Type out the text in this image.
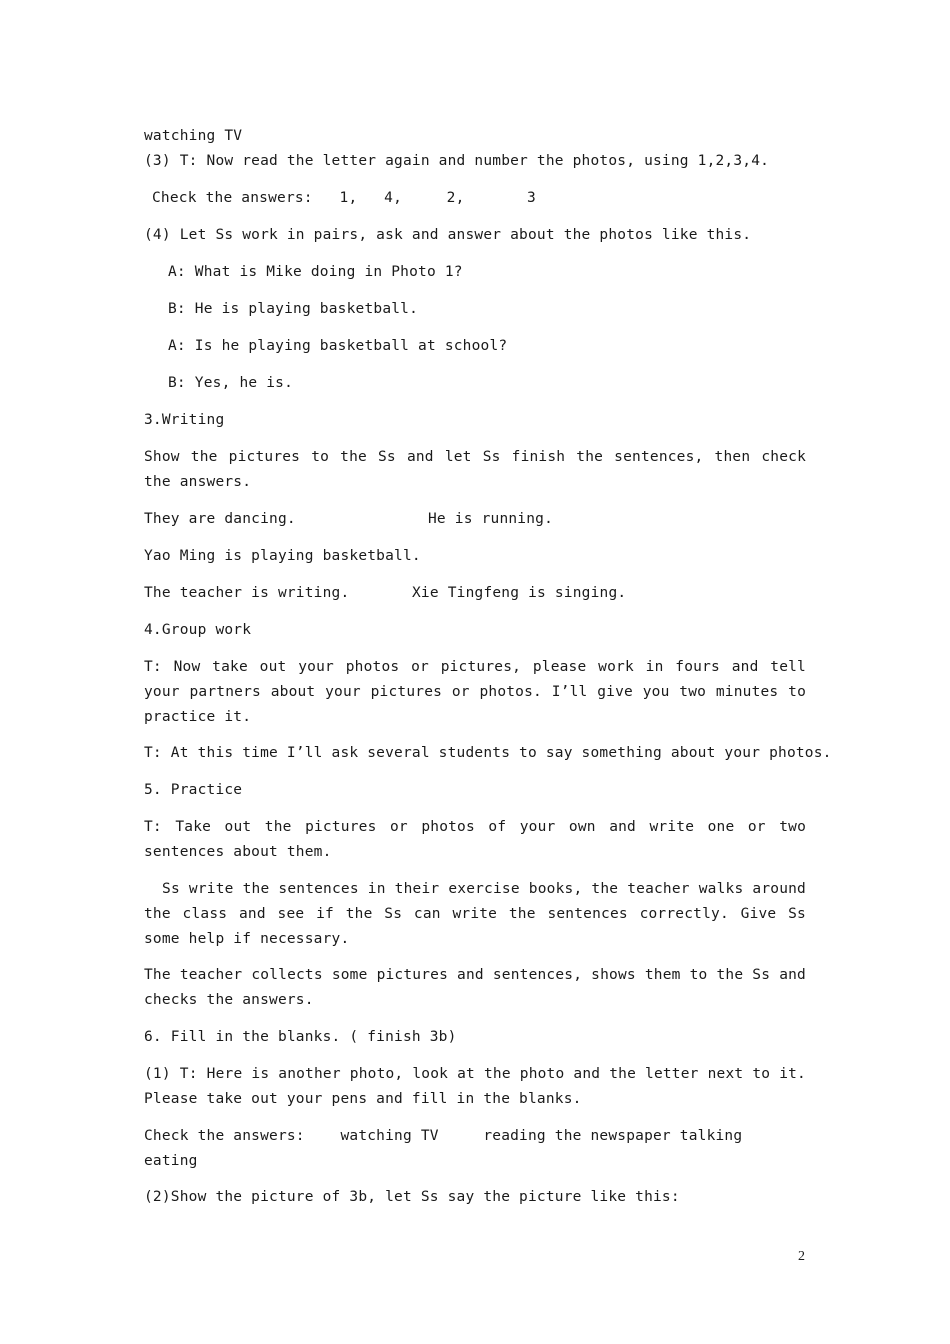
watching TV
(3) T: Now read the letter again and number the photos, using 1,2,3,4.
Check the answers:   1,   4,     2,       3
(4) Let Ss work in pairs, ask and answer about the photos like this.
A: What is Mike doing in Photo 1?
B: He is playing basketball.
A: Is he playing basketball at school?
B: Yes, he is.
3.Writing
Show the pictures to the Ss and let Ss finish the sentences, then check the answers.
They are dancing.	He is running.
Yao Ming is playing basketball.
The teacher is writing.	Xie Tingfeng is singing.
4.Group work
T: Now take out your photos or pictures, please work in fours and tell your partners about your pictures or photos. I’ll give you two minutes to practice it.
T: At this time I’ll ask several students to say something about your photos.
5. Practice
T: Take out the pictures or photos of your own and write one or two sentences about them.
Ss write the sentences in their exercise books, the teacher walks around the class and see if the Ss can write the sentences correctly. Give Ss some help if necessary.
The teacher collects some pictures and sentences, shows them to the Ss and checks the answers.
6. Fill in the blanks. ( finish 3b)
(1) T: Here is another photo, look at the photo and the letter next to it. Please take out your pens and fill in the blanks.
Check the answers:    watching TV     reading the newspaper talking    eating
(2)Show the picture of 3b, let Ss say the picture like this:
2
